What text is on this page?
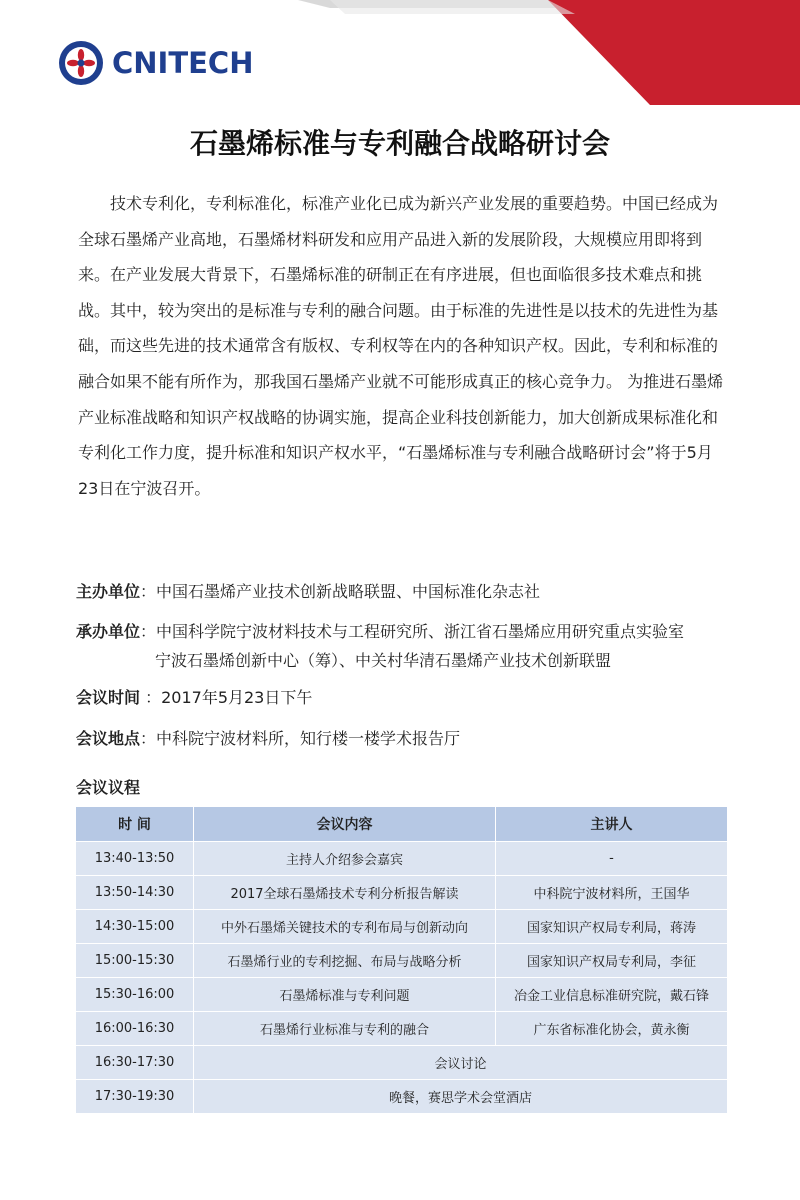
CNITECH
石墨烯标准与专利融合战略研讨会

技术专利化，专利标准化，标准产业化已成为新兴产业发展的重要趋势。中国已经成为全球石墨烯产业高地，石墨烯材料研发和应用产品进入新的发展阶段，大规模应用即将到来。在产业发展大背景下，石墨烯标准的研制正在有序进展，但也面临很多技术难点和挑战。其中，较为突出的是标准与专利的融合问题。由于标准的先进性是以技术的先进性为基础，而这些先进的技术通常含有版权、专利权等在内的各种知识产权。因此，专利和标准的融合如果不能有所作为，那我国石墨烯产业就不可能形成真正的核心竞争力。 为推进石墨烯产业标准战略和知识产权战略的协调实施，提高企业科技创新能力，加大创新成果标准化和专利化工作力度，提升标准和知识产权水平，“石墨烯标准与专利融合战略研讨会”将于5月23日在宁波召开。

主办单位：中国石墨烯产业技术创新战略联盟、中国标准化杂志社
承办单位：中国科学院宁波材料技术与工程研究所、浙江省石墨烯应用研究重点实验室
宁波石墨烯创新中心（筹）、中关村华清石墨烯产业技术创新联盟
会议时间 ：2017年5月23日下午
会议地点：中科院宁波材料所，知行楼一楼学术报告厅
会议议程
时 间	会议内容	主讲人
13:40-13:50	主持人介绍参会嘉宾	-
13:50-14:30	2017全球石墨烯技术专利分析报告解读	中科院宁波材料所，王国华
14:30-15:00	中外石墨烯关键技术的专利布局与创新动向	国家知识产权局专利局，蒋涛
15:00-15:30	石墨烯行业的专利挖掘、布局与战略分析	国家知识产权局专利局，李征
15:30-16:00	石墨烯标准与专利问题	冶金工业信息标准研究院，戴石锋
16:00-16:30	石墨烯行业标准与专利的融合	广东省标准化协会，黄永衡
16:30-17:30	会议讨论	
17:30-19:30	晚餐，赛思学术会堂酒店	
